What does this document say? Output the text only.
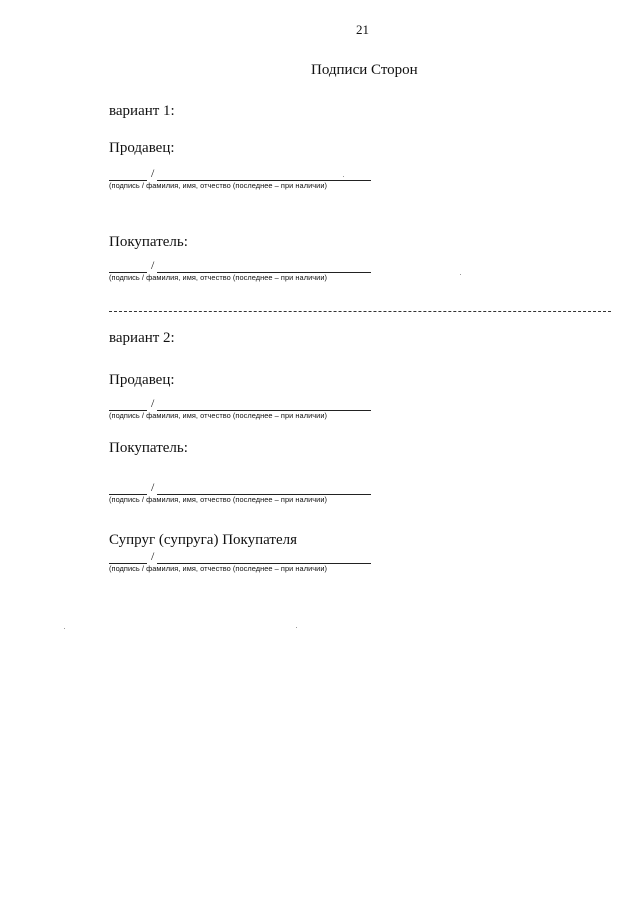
21
Подписи Сторон
вариант 1:
Продавец:
/
(подпись / фамилия, имя, отчество (последнее – при наличии)
Покупатель:
/
(подпись / фамилия, имя, отчество (последнее – при наличии)
вариант 2:
Продавец:
/
(подпись / фамилия, имя, отчество (последнее – при наличии)
Покупатель:
/
(подпись / фамилия, имя, отчество (последнее – при наличии)
Супруг (супруга) Покупателя
/
(подпись / фамилия, имя, отчество (последнее – при наличии)
